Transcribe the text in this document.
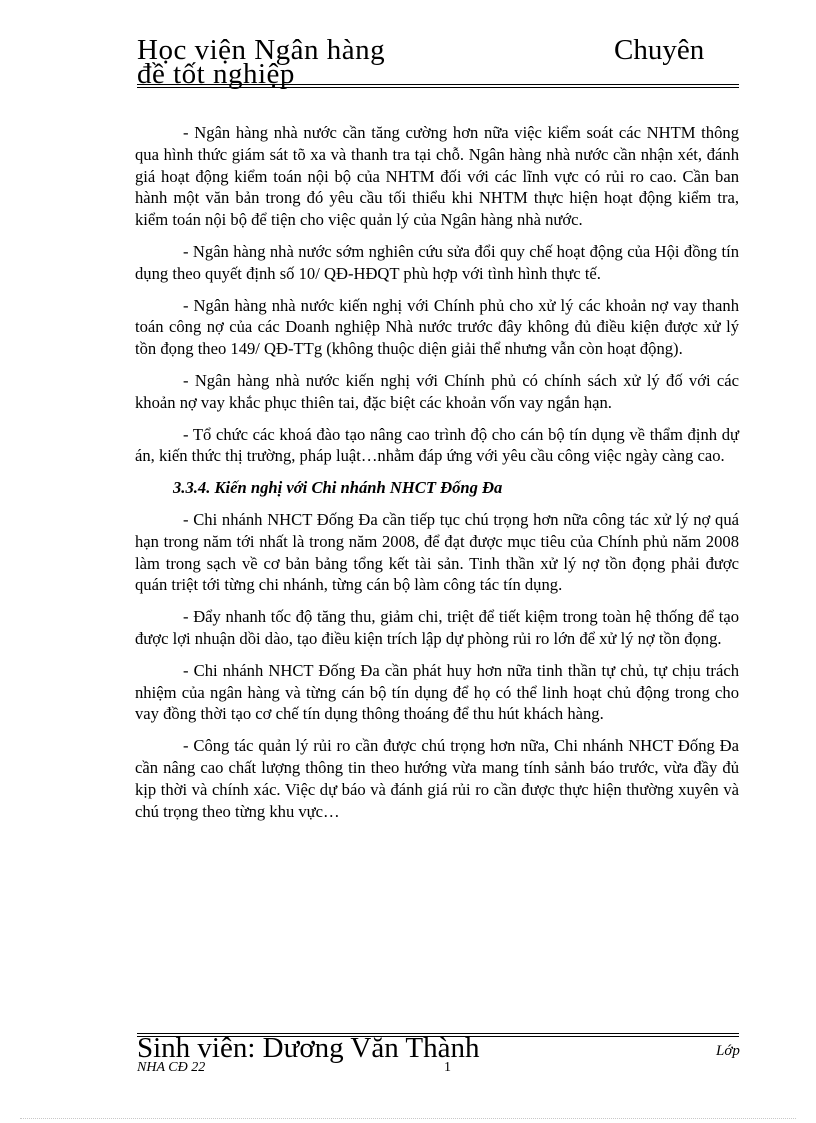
Học viện Ngân hàng
đề tốt nghiệp
Chuyên

- Ngân hàng nhà nước cần tăng cường hơn nữa việc kiểm soát các NHTM thông qua hình thức giám sát tõ xa và thanh tra tại chỗ. Ngân hàng nhà nước cần nhận xét, đánh giá hoạt động kiểm toán nội bộ của NHTM đối với các lĩnh vực có rủi ro cao. Cần ban hành một văn bản trong đó yêu cầu tối thiểu khi NHTM thực hiện hoạt động kiểm tra, kiểm toán nội bộ để tiện cho việc quản lý của Ngân hàng nhà nước.

- Ngân hàng nhà nước sớm nghiên cứu sửa đổi quy chế hoạt động của Hội đồng tín dụng theo quyết định số 10/ QĐ-HĐQT phù hợp với tình hình thực tế.

- Ngân hàng nhà nước kiến nghị với Chính phủ cho xử lý các khoản nợ vay thanh toán công nợ của các Doanh nghiệp Nhà nước trước đây không đủ điều kiện được xử lý tồn đọng theo 149/ QĐ-TTg (không thuộc diện giải thể nhưng vẫn còn hoạt động).

- Ngân hàng nhà nước kiến nghị với Chính phủ có chính sách xử lý đố với các khoản nợ vay khắc phục thiên tai, đặc biệt các khoản vốn vay ngắn hạn.

- Tổ chức các khoá đào tạo nâng cao trình độ cho cán bộ tín dụng về thẩm định dự án, kiến thức thị trường, pháp luật…nhằm đáp ứng với yêu cầu công việc ngày càng cao.

3.3.4. Kiến nghị với Chi nhánh NHCT Đống Đa

- Chi nhánh NHCT Đống Đa cần tiếp tục chú trọng hơn nữa công tác xử lý nợ quá hạn trong năm tới nhất là trong năm 2008, để đạt được mục tiêu của Chính phủ năm 2008 làm trong sạch về cơ bản bảng tổng kết tài sản. Tinh thần xử lý nợ tồn đọng phải được quán triệt tới từng chi nhánh, từng cán bộ làm công tác tín dụng.

- Đẩy nhanh tốc độ tăng thu, giảm chi, triệt để tiết kiệm trong toàn hệ thống để tạo được lợi nhuận dồi dào, tạo điều kiện trích lập dự phòng rủi ro lớn để xử lý nợ tồn đọng.

- Chi nhánh NHCT Đống Đa cần phát huy hơn nữa tinh thần tự chủ, tự chịu trách nhiệm của ngân hàng và từng cán bộ tín dụng để họ có thể linh hoạt chủ động trong cho vay đồng thời tạo cơ chế tín dụng thông thoáng để thu hút khách hàng.

- Công tác quản lý rủi ro cần được chú trọng hơn nữa, Chi nhánh NHCT Đống Đa cần nâng cao chất lượng thông tin theo hướng vừa mang tính sảnh báo trước, vừa đầy đủ kịp thời và chính xác. Việc dự báo và đánh giá rủi ro cần được thực hiện thường xuyên và chú trọng theo từng khu vực…

Sinh viên: Dương Văn Thành	Lớp
NHA CĐ 22	1
